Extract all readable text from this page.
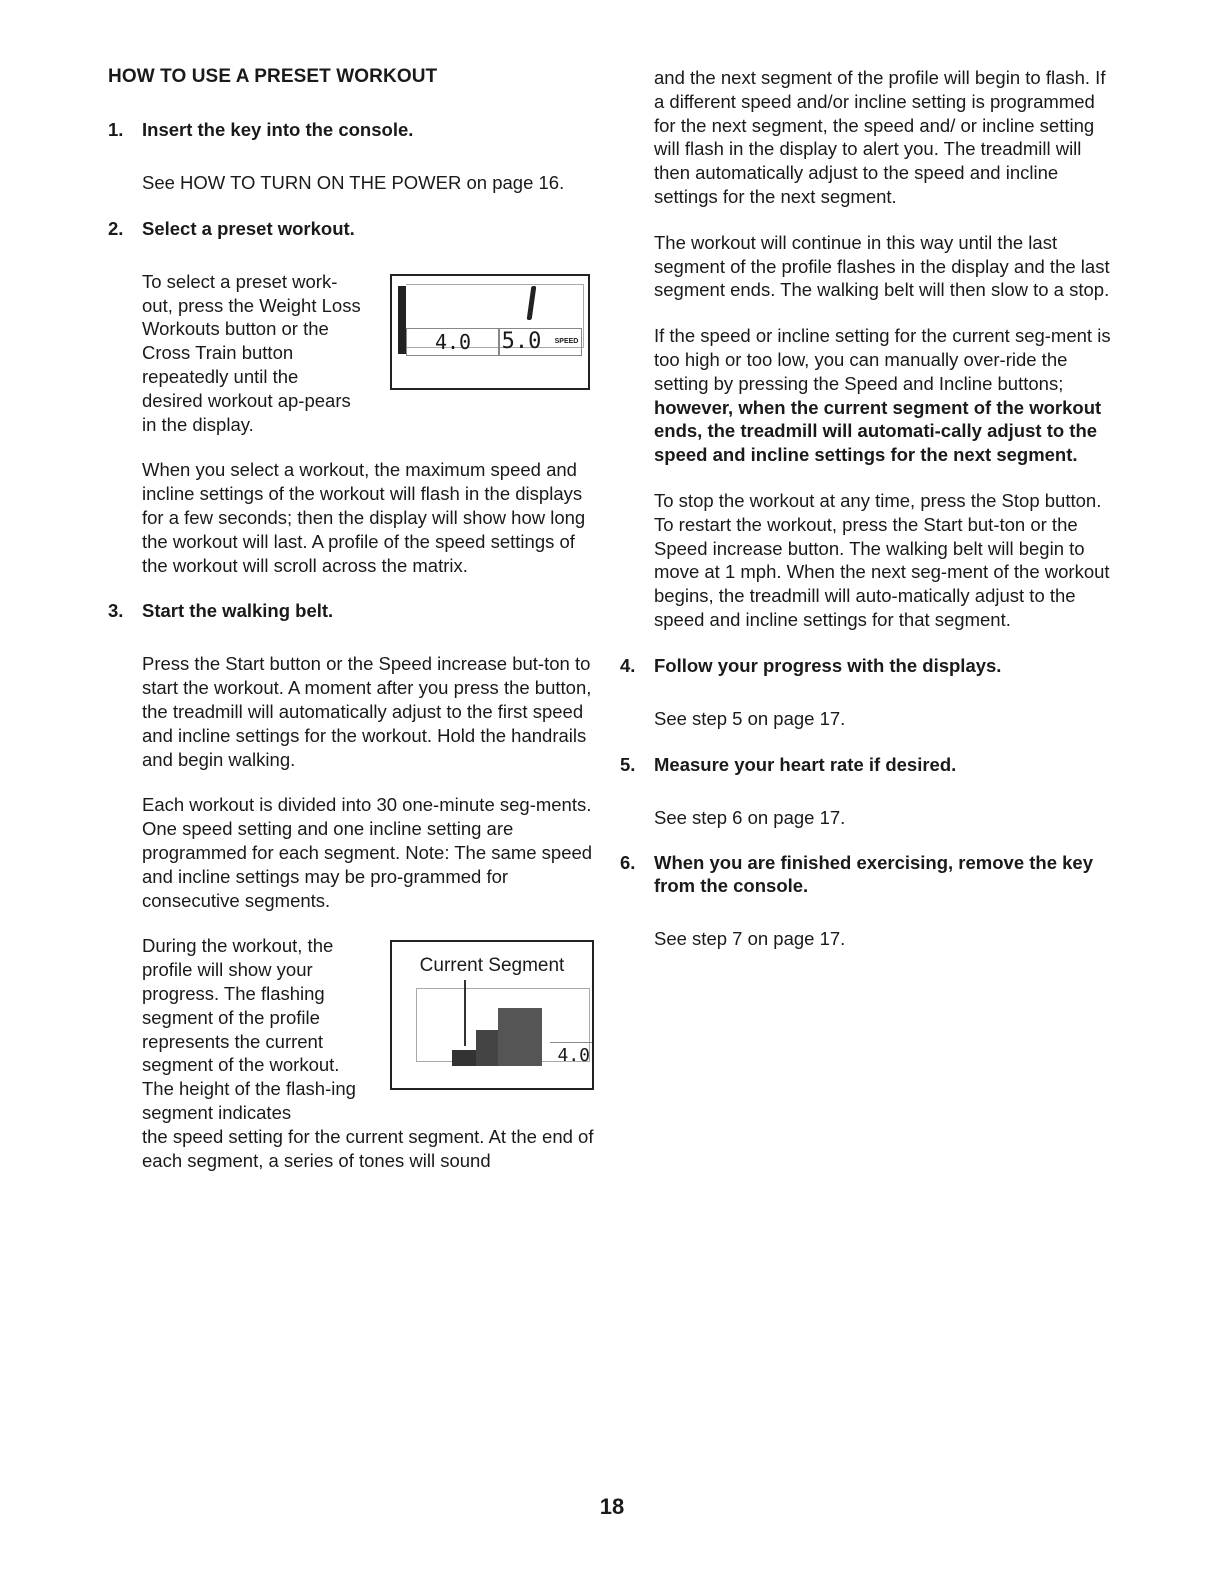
HOW TO USE A PRESET WORKOUT

1.	Insert the key into the console.

See HOW TO TURN ON THE POWER on page 16.

2.	Select a preset workout.

To select a preset work-out, press the Weight Loss Workouts button or the Cross Train button repeatedly until the desired workout ap-pears in the display.
4.0	5.0 SPEED

When you select a workout, the maximum speed and incline settings of the workout will flash in the displays for a few seconds; then the display will show how long the workout will last. A profile of the speed settings of the workout will scroll across the matrix.

3.	Start the walking belt.

Press the Start button or the Speed increase but-ton to start the workout. A moment after you press the button, the treadmill will automatically adjust to the first speed and incline settings for the workout. Hold the handrails and begin walking.

Each workout is divided into 30 one-minute seg-ments. One speed setting and one incline setting are programmed for each segment. Note: The same speed and incline settings may be pro-grammed for consecutive segments.

During the workout, the profile will show your progress. The flashing segment of the profile represents the current segment of the workout. The height of the flash-ing segment indicates
the speed setting for the current segment. At the end of each segment, a series of tones will sound
Current Segment
4.0

and the next segment of the profile will begin to flash. If a different speed and/or incline setting is programmed for the next segment, the speed and/ or incline setting will flash in the display to alert you. The treadmill will then automatically adjust to the speed and incline settings for the next segment.

The workout will continue in this way until the last segment of the profile flashes in the display and the last segment ends. The walking belt will then slow to a stop.

If the speed or incline setting for the current seg-ment is too high or too low, you can manually over-ride the setting by pressing the Speed and Incline buttons; however, when the current segment of the workout ends, the treadmill will automati-cally adjust to the speed and incline settings for the next segment.

To stop the workout at any time, press the Stop button. To restart the workout, press the Start but-ton or the Speed increase button. The walking belt will begin to move at 1 mph. When the next seg-ment of the workout begins, the treadmill will auto-matically adjust to the speed and incline settings for that segment.

4.	Follow your progress with the displays.

See step 5 on page 17.

5.	Measure your heart rate if desired.

See step 6 on page 17.

6.	When you are finished exercising, remove the key from the console.

See step 7 on page 17.

18
